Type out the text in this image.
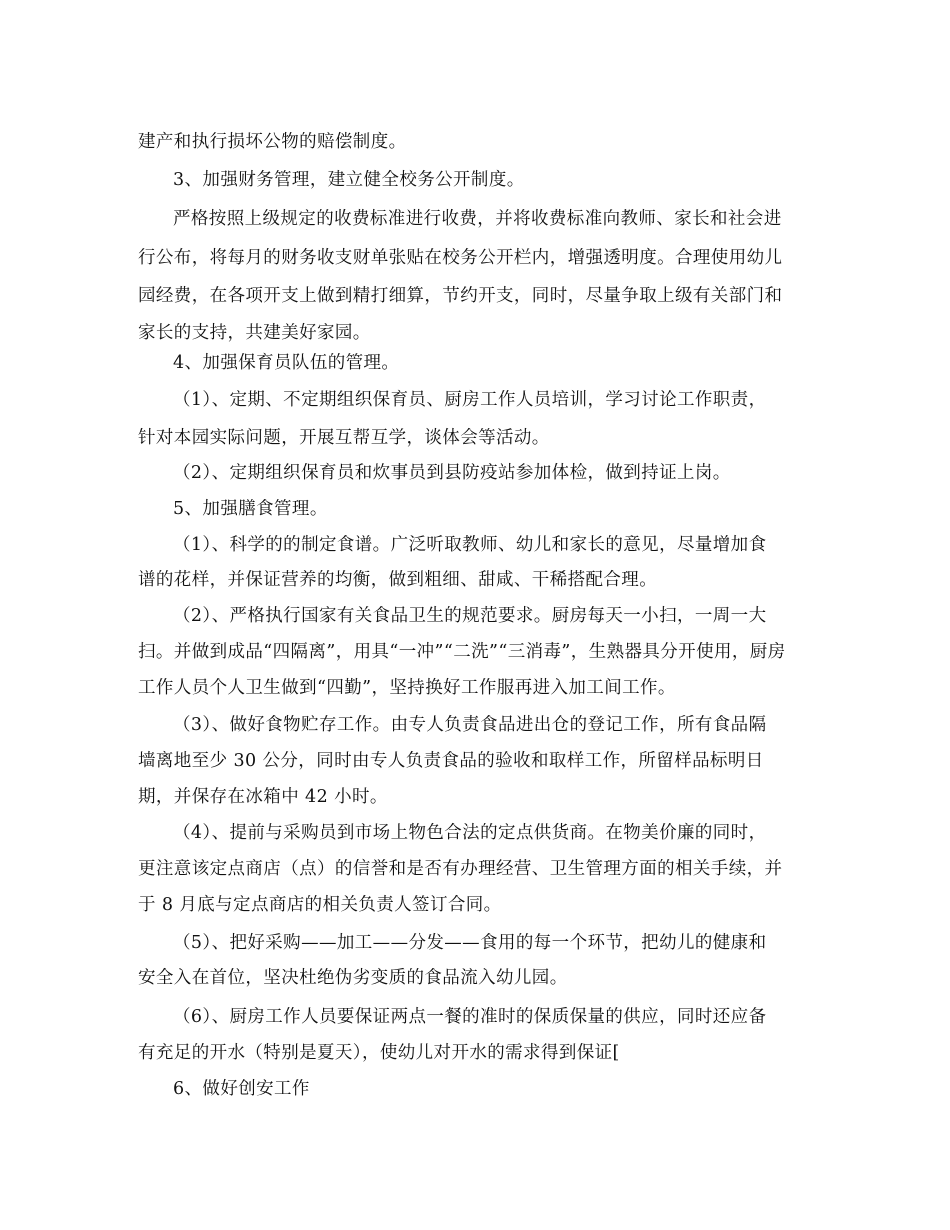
建产和执行损坏公物的赔偿制度。
3、加强财务管理，建立健全校务公开制度。
严格按照上级规定的收费标准进行收费，并将收费标准向教师、家长和社会进
行公布，将每月的财务收支财单张贴在校务公开栏内，增强透明度。合理使用幼儿
园经费，在各项开支上做到精打细算，节约开支，同时，尽量争取上级有关部门和
家长的支持，共建美好家园。
4、加强保育员队伍的管理。
（1）、定期、不定期组织保育员、厨房工作人员培训，学习讨论工作职责，
针对本园实际问题，开展互帮互学，谈体会等活动。
（2）、定期组织保育员和炊事员到县防疫站参加体检，做到持证上岗。
5、加强膳食管理。
（1）、科学的的制定食谱。广泛听取教师、幼儿和家长的意见，尽量增加食
谱的花样，并保证营养的均衡，做到粗细、甜咸、干稀搭配合理。
（2）、严格执行国家有关食品卫生的规范要求。厨房每天一小扫，一周一大
扫。并做到成品“四隔离”，用具“一冲”“二洗”“三消毒”，生熟器具分开使用，厨房
工作人员个人卫生做到“四勤”，坚持换好工作服再进入加工间工作。
（3）、做好食物贮存工作。由专人负责食品进出仓的登记工作，所有食品隔
墙离地至少 30 公分，同时由专人负责食品的验收和取样工作，所留样品标明日
期，并保存在冰箱中 42 小时。
（4）、提前与采购员到市场上物色合法的定点供货商。在物美价廉的同时，
更注意该定点商店（点）的信誉和是否有办理经营、卫生管理方面的相关手续，并
于 8 月底与定点商店的相关负责人签订合同。
（5）、把好采购——加工——分发——食用的每一个环节，把幼儿的健康和
安全入在首位，坚决杜绝伪劣变质的食品流入幼儿园。
（6）、厨房工作人员要保证两点一餐的准时的保质保量的供应，同时还应备
有充足的开水（特别是夏天），使幼儿对开水的需求得到保证[
6、做好创安工作
